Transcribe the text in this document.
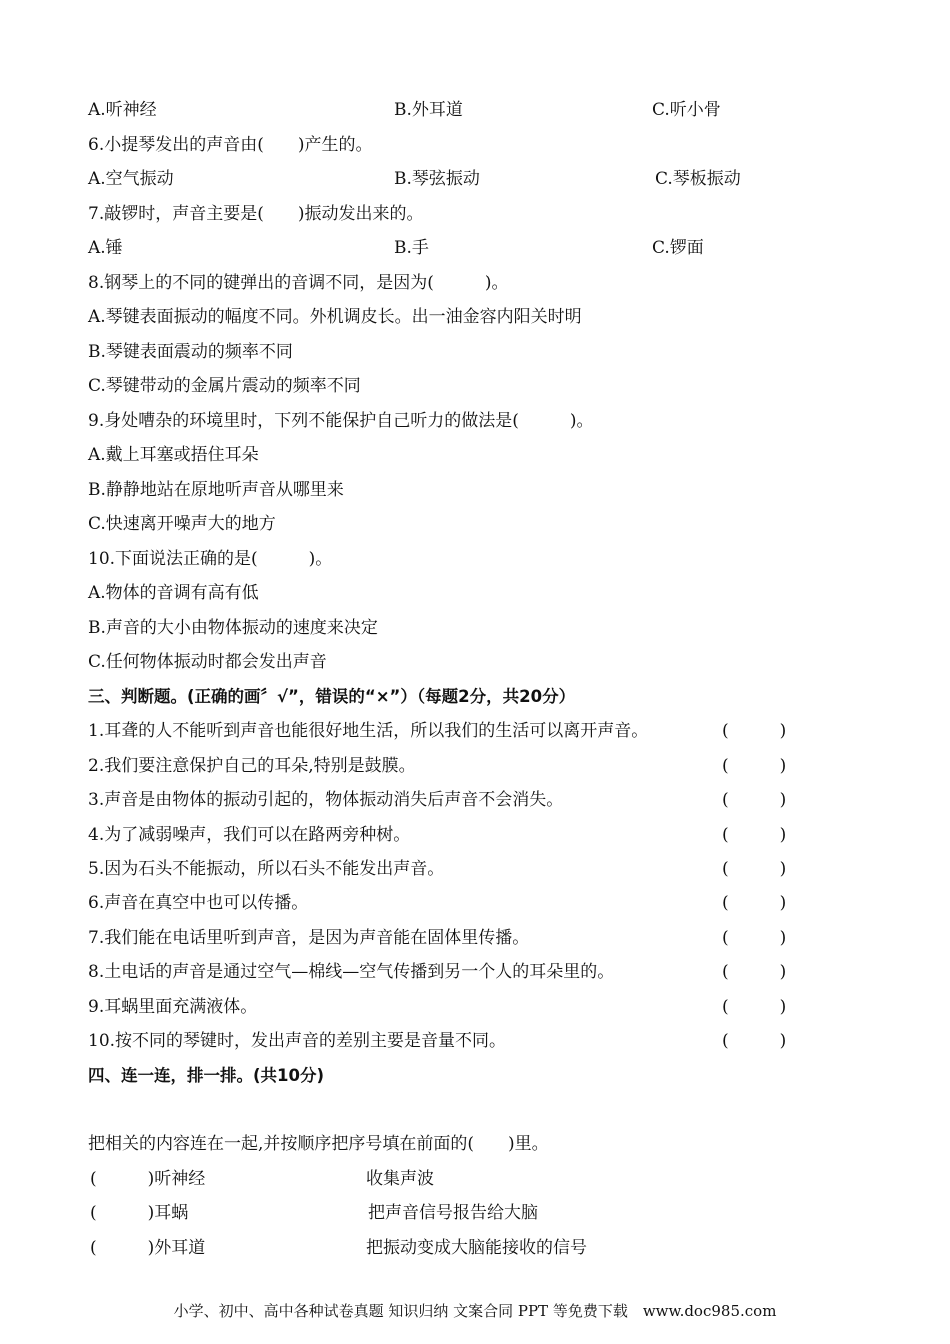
A.听神经	B.外耳道	C.听小骨
6.小提琴发出的声音由(　　)产生的。
A.空气振动	B.琴弦振动	C.琴板振动
7.敲锣时，声音主要是(　　)振动发出来的。
A.锤	B.手	C.锣面
8.钢琴上的不同的键弹出的音调不同，是因为(　　　)。
A.琴键表面振动的幅度不同。外机调皮长。出一油金容内阳关时明
B.琴键表面震动的频率不同
C.琴键带动的金属片震动的频率不同
9.身处嘈杂的环境里时，下列不能保护自己听力的做法是(　　　)。
A.戴上耳塞或捂住耳朵
B.静静地站在原地听声音从哪里来
C.快速离开噪声大的地方
10.下面说法正确的是(　　　)。
A.物体的音调有高有低
B.声音的大小由物体振动的速度来决定
C.任何物体振动时都会发出声音
三、判断题。(正确的画〞√”，错误的“×”）（每题2分，共20分）
1.耳聋的人不能听到声音也能很好地生活，所以我们的生活可以离开声音。	(　　　)
2.我们要注意保护自己的耳朵,特别是鼓膜。	(　　　)
3.声音是由物体的振动引起的，物体振动消失后声音不会消失。	(　　　)
4.为了减弱噪声，我们可以在路两旁种树。	(　　　)
5.因为石头不能振动，所以石头不能发出声音。	(　　　)
6.声音在真空中也可以传播。	(　　　)
7.我们能在电话里听到声音，是因为声音能在固体里传播。	(　　　)
8.土电话的声音是通过空气—棉线—空气传播到另一个人的耳朵里的。	(　　　)
9.耳蜗里面充满液体。	(　　　)
10.按不同的琴键时，发出声音的差别主要是音量不同。	(　　　)
四、连一连，排一排。(共10分)
把相关的内容连在一起,并按顺序把序号填在前面的(　　)里。
(　　　)听神经	收集声波
(　　　)耳蜗	把声音信号报告给大脑
(　　　)外耳道	把振动变成大脑能接收的信号
小学、初中、高中各种试卷真题 知识归纳 文案合同 PPT 等免费下载　www.doc985.com
